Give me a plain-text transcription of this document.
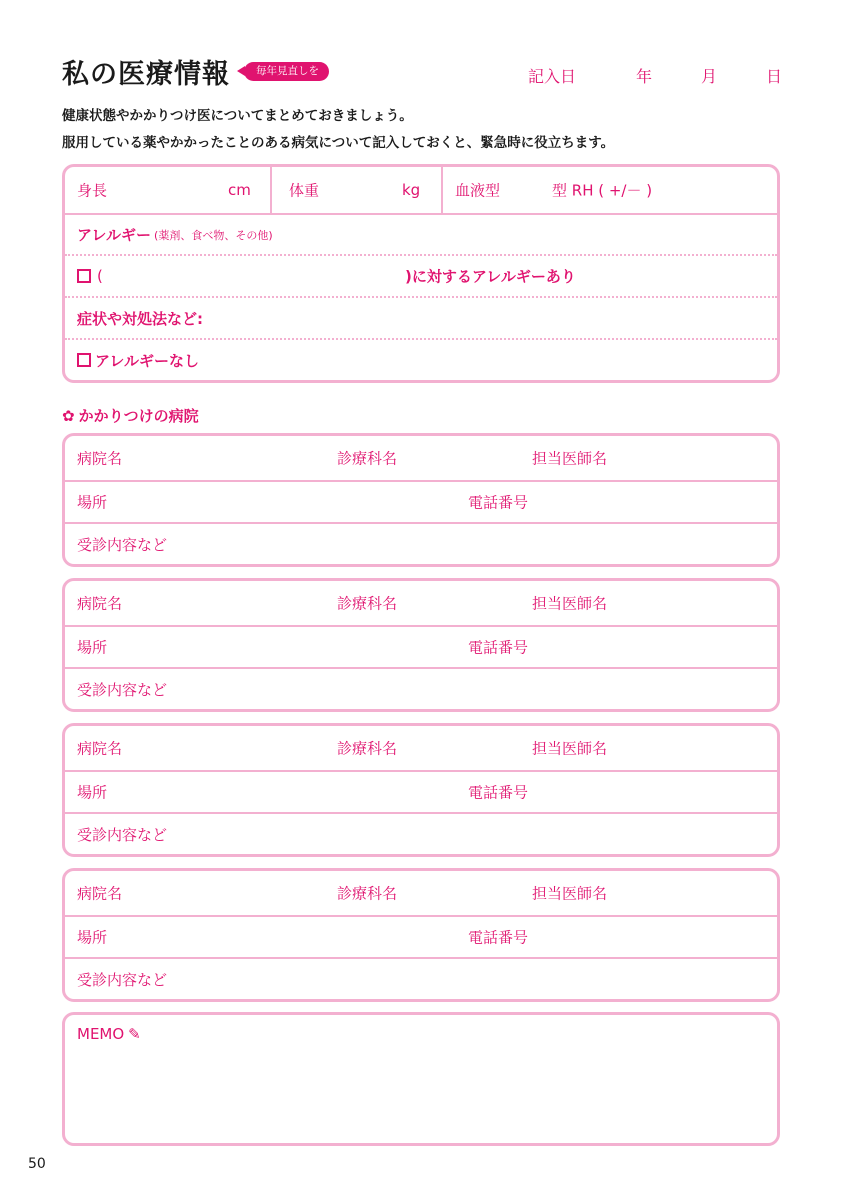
私の医療情報	毎年見直しを	記入日	年	月	日
健康状態やかかりつけ医についてまとめておきましょう。
服用している薬やかかったことのある病気について記入しておくと、緊急時に役立ちます。
身長	cm	体重	kg 血液型	型 RH ( +/－ )
アレルギー (薬剤、食べ物、その他)
(	)に対するアレルギーあり
症状や対処法など:
アレルギーなし
✿ かかりつけの病院
病院名	診療科名	担当医師名
場所	電話番号
受診内容など
病院名	診療科名	担当医師名
場所	電話番号
受診内容など
病院名	診療科名	担当医師名
場所	電話番号
受診内容など
病院名	診療科名	担当医師名
場所	電話番号
受診内容など
MEMO ✎
50
